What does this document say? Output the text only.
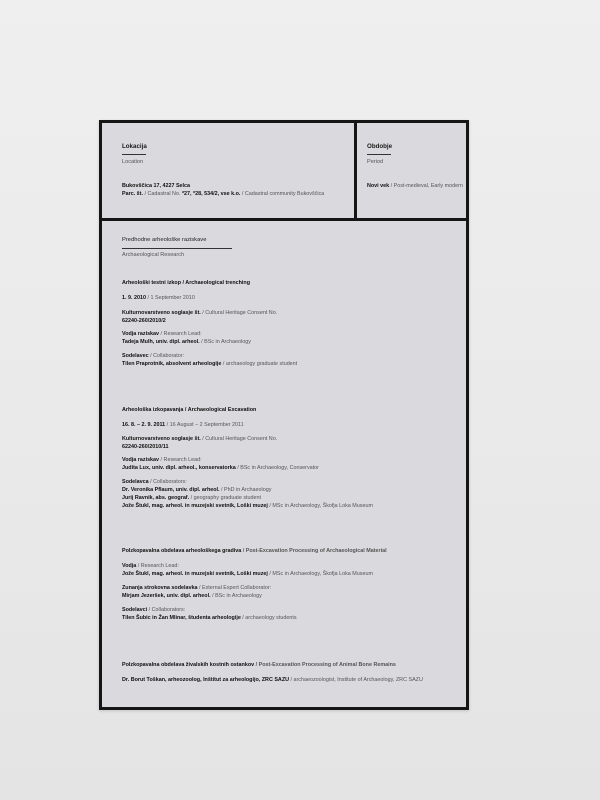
Lokacija
Location
Bukovščica 17, 4227 Selca
Parc. št. / Cadastral No. *27, *28, 534/2, vse k.o. / Cadastral community Bukovščica
Obdobje
Period
Novi vek / Post-medieval, Early modern
Predhodne arheološke raziskave
Archaeological Research
Arheološki testni izkop / Archaeological trenching
1. 9. 2010 / 1 September 2010
Kulturnovarstveno soglasje št. / Cultural Heritage Consent No.
62240-260/2010/2
Vodja raziskav / Research Lead:
Tadeja Mulh, univ. dipl. arheol. / BSc in Archaeology
Sodelavec / Collaborator:
Tilen Praprotnik, absolvent arheologije / archaeology graduate student
Arheološka izkopavanja / Archaeological Excavation
16. 8. – 2. 9. 2011 / 16 August – 2 September 2011
Kulturnovarstveno soglasje št. / Cultural Heritage Consent No.
62240-260/2010/11
Vodja raziskav / Research Lead:
Judita Lux, univ. dipl. arheol., konservatorka / BSc in Archaeology, Conservator
Sodelavca / Collaborators:
Dr. Veronika Pflaum, univ. dipl. arheol. / PhD in Archaeology
Jurij Ravnik, abs. geograf. / geography graduate student
Jože Štukl, mag. arheol. in muzejski svetnik, Loški muzej / MSc in Archaeology, Škofja Loka Museum
Polzkopavalna obdelava arheološkega gradiva / Post-Excavation Processing of Archaeological Material
Vodja / Research Lead:
Jože Štukl, mag. arheol. in muzejski svetnik, Loški muzej / MSc in Archaeology, Škofja Loka Museum
Zunanja strokovna sodelavka / External Expert Collaborator:
Mirjam Jezeršek, univ. dipl. arheol. / BSc in Archaeology
Sodelavci / Collaborators:
Tilen Šubic in Žan Mlinar, študenta arheologije / archaeology students
Polzkopavalna obdelava živalskih kostnih ostankov / Post-Excavation Processing of Animal Bone Remains
Dr. Borut Toškan, arheozoolog, Inštitut za arheologijo, ZRC SAZU / archaeozoologist, Institute of Archaeology, ZRC SAZU
